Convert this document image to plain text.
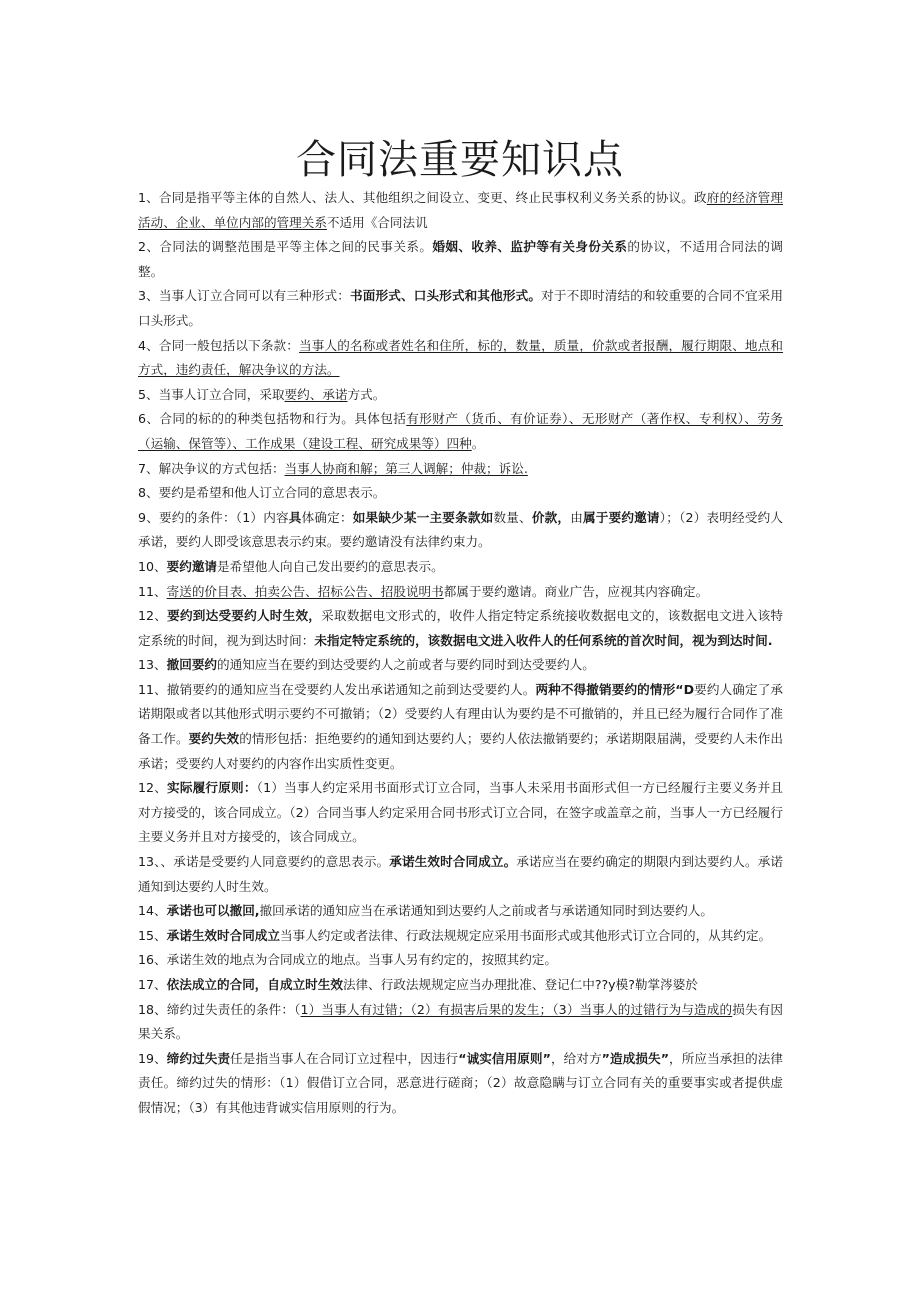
合同法重要知识点

1、合同是指平等主体的自然人、法人、其他组织之间设立、变更、终止民事权利义务关系的协议。政府的经济管理活动、企业、单位内部的管理关系不适用《合同法讥

2、合同法的调整范围是平等主体之间的民事关系。婚姻、收养、监护等有关身份关系的协议，不适用合同法的调整。

3、当事人订立合同可以有三种形式：书面形式、口头形式和其他形式。对于不即时清结的和较重要的合同不宜采用口头形式。

4、合同一般包括以下条款：当事人的名称或者姓名和住所，标的，数量，质量，价款或者报酬，履行期限、地点和方式，违约责任，解决争议的方法。

5、当事人订立合同，采取要约、承诺方式。

6、合同的标的的种类包括物和行为。具体包括有形财产（货币、有价证券）、无形财产（著作权、专利权）、劳务（运输、保管等）、工作成果（建设工程、研究成果等）四种。

7、解决争议的方式包括：当事人协商和解；第三人调解；仲裁；诉讼.

8、要约是希望和他人订立合同的意思表示。

9、要约的条件：（1）内容具体确定：如果缺少某一主要条款如数量、价款，由属于要约邀请）；（2）表明经受约人承诺，要约人即受该意思表示约束。要约邀请没有法律约束力。

10、要约邀请是希望他人向自己发出要约的意思表示。

11、寄送的价目表、拍卖公告、招标公告、招股说明书都属于要约邀请。商业广告，应视其内容确定。

12、要约到达受要约人时生效，采取数据电文形式的，收件人指定特定系统接收数据电文的，该数据电文进入该特定系统的时间，视为到达时间：未指定特定系统的，该数据电文进入收件人的任何系统的首次时间，视为到达时间.

13、撤回要约的通知应当在要约到达受要约人之前或者与要约同时到达受要约人。

11、撤销要约的通知应当在受要约人发出承诺通知之前到达受要约人。两种不得撤销要约的情形“D要约人确定了承诺期限或者以其他形式明示要约不可撤销；（2）受要约人有理由认为要约是不可撤销的，并且已经为履行合同作了准备工作。要约失效的情形包括：拒绝要约的通知到达要约人；要约人依法撤销要约；承诺期限届满，受要约人未作出承诺；受要约人对要约的内容作出实质性变更。

12、实际履行原则：（1）当事人约定采用书面形式订立合同，当事人未采用书面形式但一方已经履行主要义务并且对方接受的，该合同成立。（2）合同当事人约定采用合同书形式订立合同，在签字或盖章之前，当事人一方已经履行主要义务并且对方接受的，该合同成立。

13、、承诺是受要约人同意要约的意思表示。承诺生效时合同成立。承诺应当在要约确定的期限内到达要约人。承诺通知到达要约人时生效。

14、承诺也可以撤回,撤回承诺的通知应当在承诺通知到达要约人之前或者与承诺通知同时到达要约人。

15、承诺生效时合同成立当事人约定或者法律、行政法规规定应采用书面形式或其他形式订立合同的，从其约定。

16、承诺生效的地点为合同成立的地点。当事人另有约定的，按照其约定。

17、依法成立的合同，自成立时生效法律、行政法规规定应当办理批准、登记仁中??y模?勒掌涔婆於

18、缔约过失责任的条件：（1）当事人有过错；（2）有损害后果的发生；（3）当事人的过错行为与造成的损失有因果关系。

19、缔约过失责任是指当事人在合同订立过程中，因违行“诚实信用原则”，给对方”造成损失”，所应当承担的法律责任。缔约过失的情形：（1）假借订立合同，恶意进行磋商；（2）故意隐瞒与订立合同有关的重要事实或者提供虚假情况；（3）有其他违背诚实信用原则的行为。
